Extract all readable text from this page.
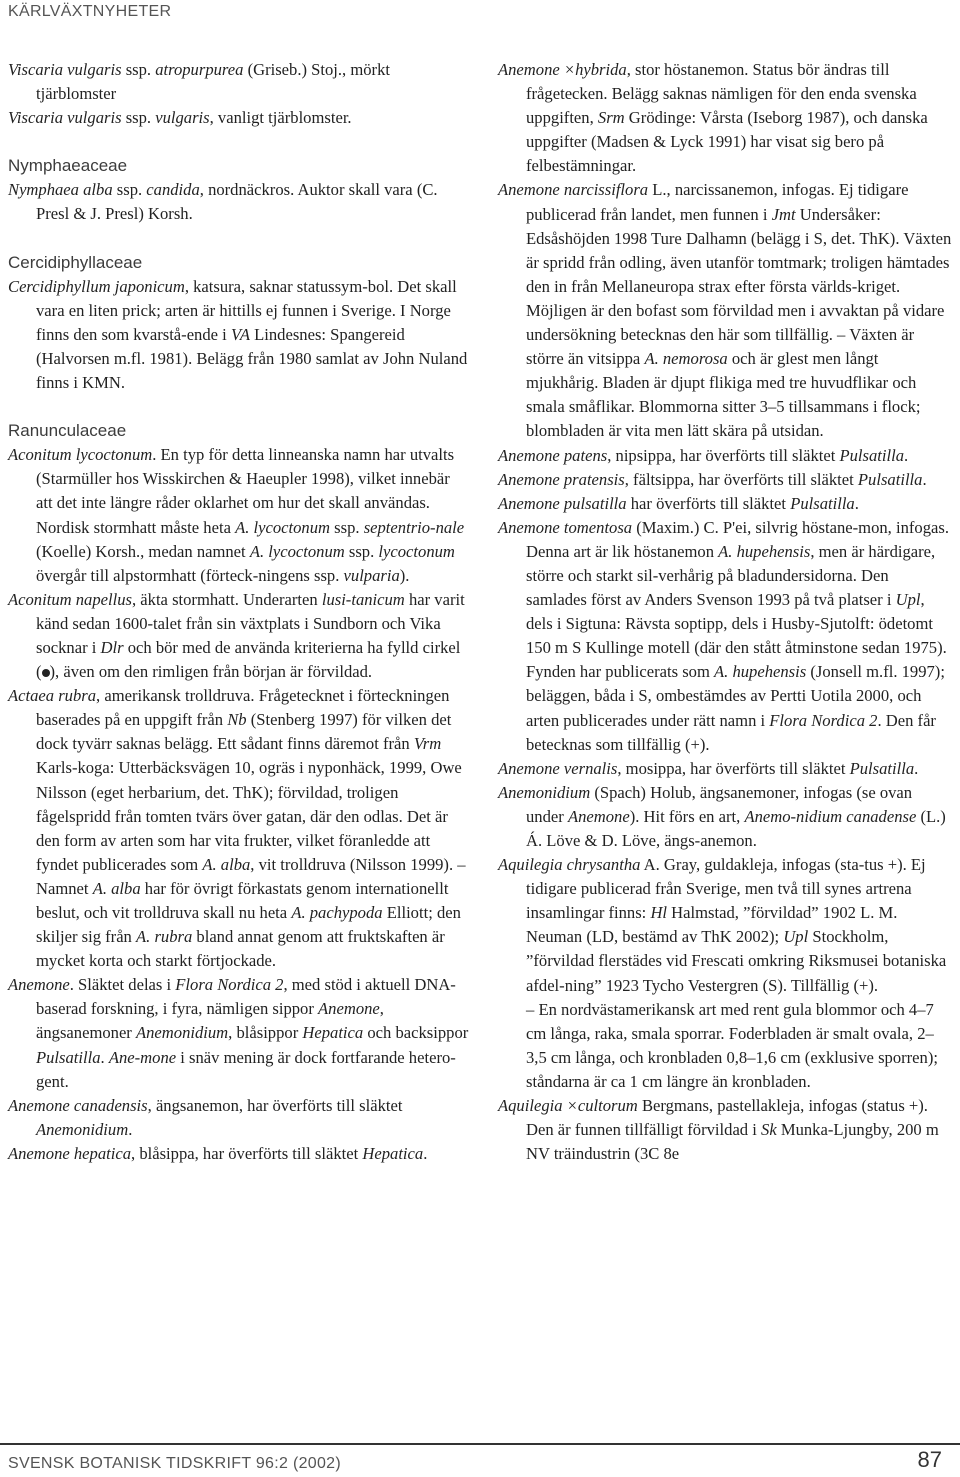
KÄRLVÄXTNYHETER
Viscaria vulgaris ssp. atropurpurea (Griseb.) Stoj., mörkt tjärblomster
Viscaria vulgaris ssp. vulgaris, vanligt tjärblomster.
Nymphaeaceae
Nymphaea alba ssp. candida, nordnäckros. Auktor skall vara (C. Presl & J. Presl) Korsh.
Cercidiphyllaceae
Cercidiphyllum japonicum, katsura, saknar statussym-bol. Det skall vara en liten prick; arten är hittills ej funnen i Sverige. I Norge finns den som kvarstå-ende i VA Lindesnes: Spangereid (Halvorsen m.fl. 1981). Belägg från 1980 samlat av John Nuland finns i KMN.
Ranunculaceae
Aconitum lycoctonum. En typ för detta linneanska namn har utvalts (Starmüller hos Wisskirchen & Haeupler 1998), vilket innebär att det inte längre råder oklarhet om hur det skall användas. Nordisk stormhatt måste heta A. lycoctonum ssp. septentrio-nale (Koelle) Korsh., medan namnet A. lycoctonum ssp. lycoctonum övergår till alpstormhatt (förteck-ningens ssp. vulparia).
Aconitum napellus, äkta stormhatt. Underarten lusi-tanicum har varit känd sedan 1600-talet från sin växtplats i Sundborn och Vika socknar i Dlr och bör med de använda kriterierna ha fylld cirkel ( ), även om den rimligen från början är förvildad.
Actaea rubra, amerikansk trolldruva. Frågetecknet i förteckningen baserades på en uppgift från Nb (Stenberg 1997) för vilken det dock tyvärr saknas belägg. Ett sådant finns däremot från Vrm Karls-koga: Utterbäcksvägen 10, ogräs i nyponhäck, 1999, Owe Nilsson (eget herbarium, det. ThK); förvildad, troligen fågelspridd från tomten tvärs över gatan, där den odlas. Det är den form av arten som har vita frukter, vilket föranledde att fyndet publicerades som A. alba, vit trolldruva (Nilsson 1999). – Namnet A. alba har för övrigt förkastats genom internationellt beslut, och vit trolldruva skall nu heta A. pachypoda Elliott; den skiljer sig från A. rubra bland annat genom att fruktskaften är mycket korta och starkt förtjockade.
Anemone. Släktet delas i Flora Nordica 2, med stöd i aktuell DNA-baserad forskning, i fyra, nämligen sippor Anemone, ängsanemoner Anemonidium, blåsippor Hepatica och backsippor Pulsatilla. Ane-mone i snäv mening är dock fortfarande hetero-gent.
Anemone canadensis, ängsanemon, har överförts till släktet Anemonidium.
Anemone hepatica, blåsippa, har överförts till släktet Hepatica.
Anemone ×hybrida, stor höstanemon. Status bör ändras till frågetecken. Belägg saknas nämligen för den enda svenska uppgiften, Srm Grödinge: Vårsta (Iseborg 1987), och danska uppgifter (Madsen & Lyck 1991) har visat sig bero på felbestämningar.
Anemone narcissiflora L., narcissanemon, infogas. Ej tidigare publicerad från landet, men funnen i Jmt Undersåker: Edsåshöjden 1998 Ture Dalhamn (belägg i S, det. ThK). Växten är spridd från odling, även utanför tomtmark; troligen hämtades den in från Mellaneuropa strax efter första världs-kriget. Möjligen är den bofast som förvildad men i avvaktan på vidare undersökning betecknas den här som tillfällig. – Växten är större än vitsippa A. nemorosa och är glest men långt mjukhårig. Bladen är djupt flikiga med tre huvudflikar och smala småflikar. Blommorna sitter 3–5 tillsammans i flock; blombladen är vita men lätt skära på utsidan.
Anemone patens, nipsippa, har överförts till släktet Pulsatilla.
Anemone pratensis, fältsippa, har överförts till släktet Pulsatilla.
Anemone pulsatilla har överförts till släktet Pulsatilla.
Anemone tomentosa (Maxim.) C. P'ei, silvrig höstane-mon, infogas. Denna art är lik höstanemon A. hupehensis, men är härdigare, större och starkt sil-verhårig på bladundersidorna. Den samlades först av Anders Svenson 1993 på två platser i Upl, dels i Sigtuna: Rävsta soptipp, dels i Husby-Sjutolft: ödetomt 150 m S Kullinge motell (där den stått åtminstone sedan 1975). Fynden har publicerats som A. hupehensis (Jonsell m.fl. 1997); beläggen, båda i S, ombestämdes av Pertti Uotila 2000, och arten publicerades under rätt namn i Flora Nordica 2. Den får betecknas som tillfällig (+).
Anemone vernalis, mosippa, har överförts till släktet Pulsatilla.
Anemonidium (Spach) Holub, ängsanemoner, infogas (se ovan under Anemone). Hit förs en art, Anemo-nidium canadense (L.) Á. Löve & D. Löve, ängs-anemon.
Aquilegia chrysantha A. Gray, guldakleja, infogas (sta-tus +). Ej tidigare publicerad från Sverige, men två till synes artrena insamlingar finns: Hl Halmstad, ”förvildad” 1902 L. M. Neuman (LD, bestämd av ThK 2002); Upl Stockholm, ”förvildad flerstädes vid Frescati omkring Riksmusei botaniska afdel-ning” 1923 Tycho Vestergren (S). Tillfällig (+).
– En nordvästamerikansk art med rent gula blommor och 4–7 cm långa, raka, smala sporrar. Foderbladen är smalt ovala, 2–3,5 cm långa, och kronbladen 0,8–1,6 cm (exklusive sporren); ståndarna är ca 1 cm längre än kronbladen.
Aquilegia ×cultorum Bergmans, pastellakleja, infogas (status +). Den är funnen tillfälligt förvildad i Sk Munka-Ljungby, 200 m NV träindustrin (3C 8e
SVENSK BOTANISK TIDSKRIFT 96:2 (2002)	87
